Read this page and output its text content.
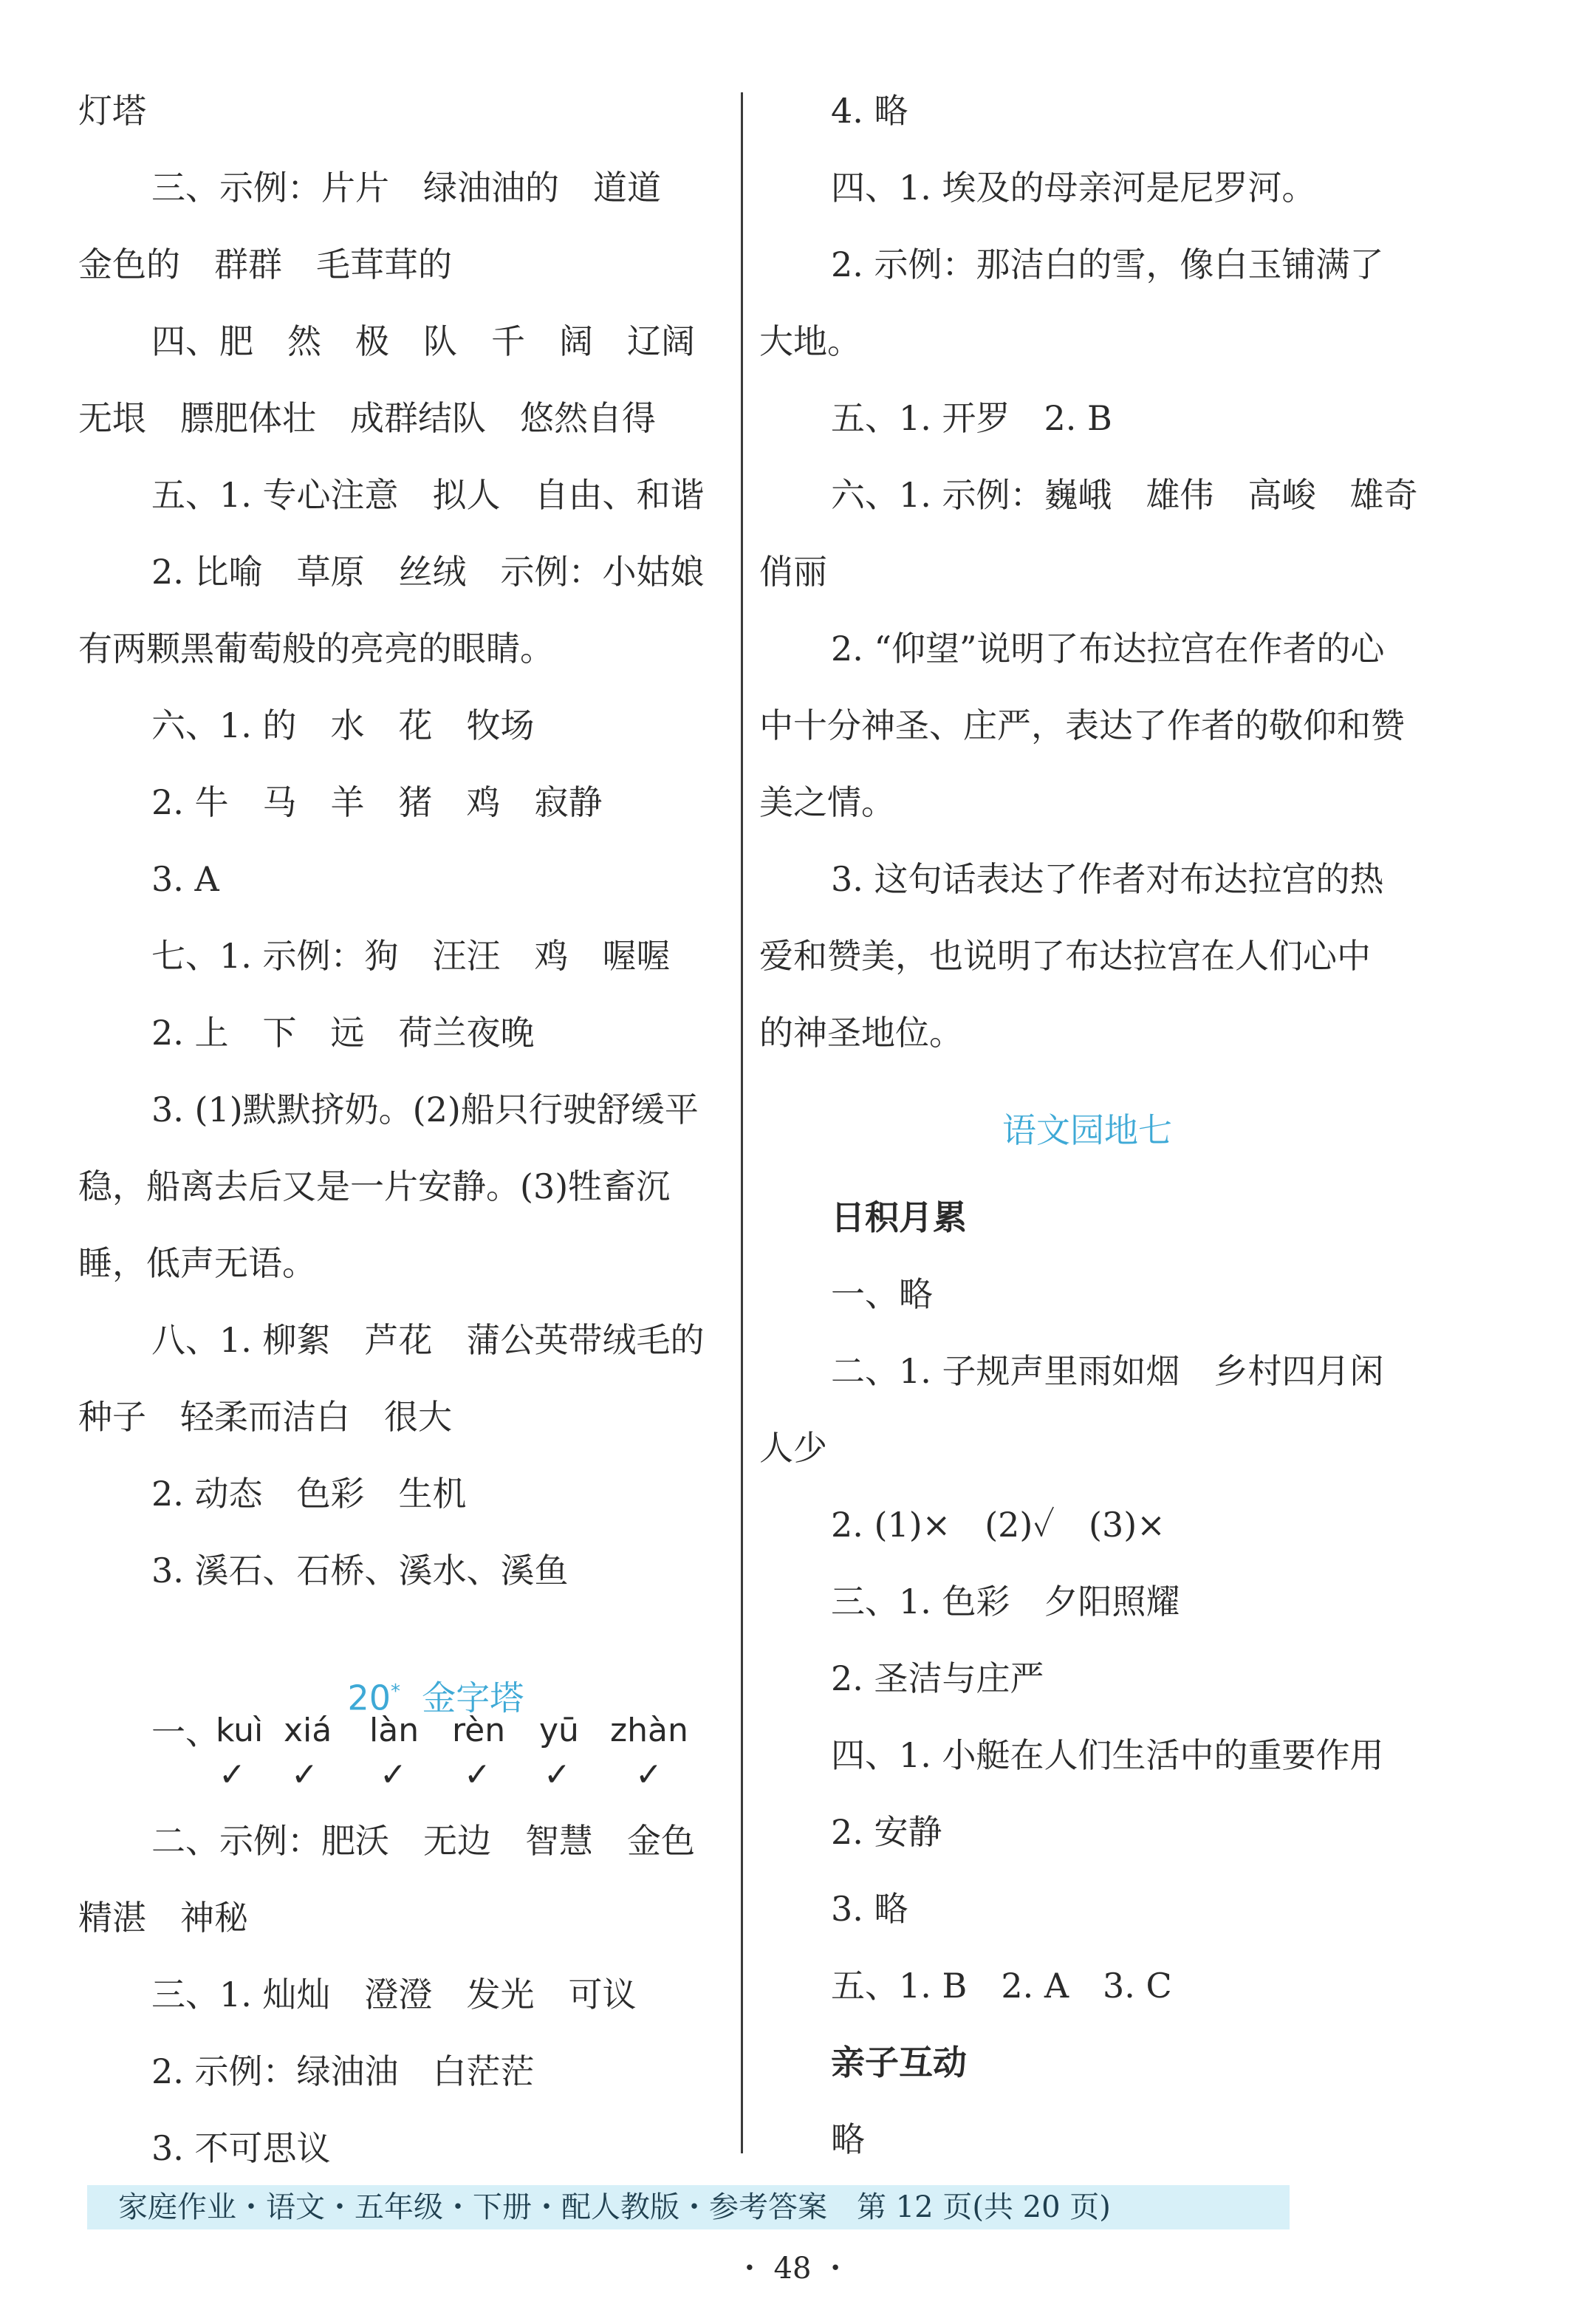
灯塔
三、示例：片片　绿油油的　道道
金色的　群群　毛茸茸的
四、肥　然　极　队　千　阔　辽阔
无垠　膘肥体壮　成群结队　悠然自得
五、1. 专心注意　拟人　自由、和谐
2. 比喻　草原　丝绒　示例：小姑娘
有两颗黑葡萄般的亮亮的眼睛。
六、1. 的　水　花　牧场
2. 牛　马　羊　猪　鸡　寂静
3. A
七、1. 示例：狗　汪汪　鸡　喔喔
2. 上　下　远　荷兰夜晚
3. (1)默默挤奶。(2)船只行驶舒缓平
稳，船离去后又是一片安静。(3)牲畜沉
睡，低声无语。
八、1. 柳絮　芦花　蒲公英带绒毛的
种子　轻柔而洁白　很大
2. 动态　色彩　生机
3. 溪石、石桥、溪水、溪鱼

20* 金字塔

一、
kuì xiá làn rèn yū zhàn
✓ ✓ ✓ ✓ ✓ ✓
二、示例：肥沃　无边　智慧　金色
精湛　神秘
三、1. 灿灿　澄澄　发光　可议
2. 示例：绿油油　白茫茫
3. 不可思议
4. 略
四、1. 埃及的母亲河是尼罗河。
2. 示例：那洁白的雪，像白玉铺满了
大地。
五、1. 开罗　2. B
六、1. 示例：巍峨　雄伟　高峻　雄奇
俏丽
2. “仰望”说明了布达拉宫在作者的心
中十分神圣、庄严，表达了作者的敬仰和赞
美之情。
3. 这句话表达了作者对布达拉宫的热
爱和赞美，也说明了布达拉宫在人们心中
的神圣地位。
语文园地七
日积月累
一、略
二、1. 子规声里雨如烟　乡村四月闲
人少
2. (1)×　(2)✓　(3)×
三、1. 色彩　夕阳照耀
2. 圣洁与庄严
四、1. 小艇在人们生活中的重要作用
2. 安静
3. 略
五、1. B　2. A　3. C
亲子互动
略
家庭作业・语文・五年级・下册・配人教版・参考答案　第 12 页(共 20 页)
・ 48 ・
